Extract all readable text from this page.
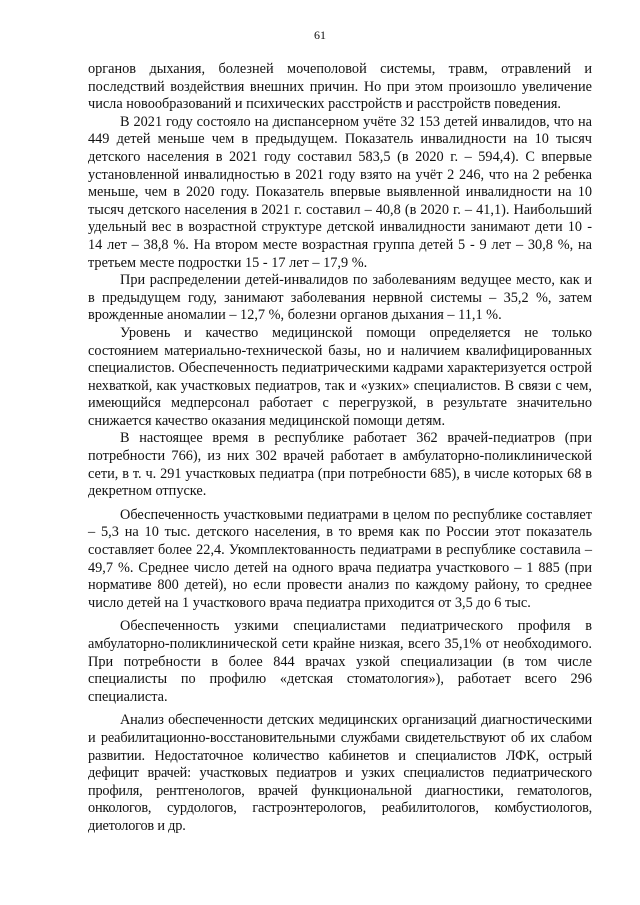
61

органов дыхания, болезней мочеполовой системы, травм, отравлений и последствий воздействия внешних причин. Но при этом произошло увеличение числа новообразований и психических расстройств и расстройств поведения.

В 2021 году состояло на диспансерном учёте 32 153 детей инвалидов, что на 449 детей меньше чем в предыдущем. Показатель инвалидности на 10 тысяч детского населения в 2021 году составил 583,5 (в 2020 г. – 594,4). С впервые установленной инвалидностью в 2021 году взято на учёт 2 246, что на 2 ребенка меньше, чем в 2020 году. Показатель впервые выявленной инвалидности на 10 тысяч детского населения в 2021 г. составил – 40,8 (в 2020 г. – 41,1). Наибольший удельный вес в возрастной структуре детской инвалидности занимают дети 10 - 14 лет – 38,8 %. На втором месте возрастная группа детей 5 - 9 лет – 30,8 %, на третьем месте подростки 15 - 17 лет – 17,9 %.

При распределении детей-инвалидов по заболеваниям ведущее место, как и в предыдущем году, занимают заболевания нервной системы – 35,2 %, затем врожденные аномалии – 12,7 %, болезни органов дыхания – 11,1 %.

Уровень и качество медицинской помощи определяется не только состоянием материально-технической базы, но и наличием квалифицированных специалистов. Обеспеченность педиатрическими кадрами характеризуется острой нехваткой, как участковых педиатров, так и «узких» специалистов. В связи с чем, имеющийся медперсонал работает с перегрузкой, в результате значительно снижается качество оказания медицинской помощи детям.

В настоящее время в республике работает 362 врачей-педиатров (при потребности 766), из них 302 врачей работает в амбулаторно-поликлинической сети, в т. ч. 291 участковых педиатра (при потребности 685), в числе которых 68 в декретном отпуске.

Обеспеченность участковыми педиатрами в целом по республике составляет – 5,3 на 10 тыс. детского населения, в то время как по России этот показатель составляет более 22,4. Укомплектованность педиатрами в республике составила – 49,7 %. Среднее число детей на одного врача педиатра участкового – 1 885 (при нормативе 800 детей), но если провести анализ по каждому району, то среднее число детей на 1 участкового врача педиатра приходится от 3,5 до 6 тыс.

Обеспеченность узкими специалистами педиатрического профиля в амбулаторно-поликлинической сети крайне низкая, всего 35,1% от необходимого. При потребности в более 844 врачах узкой специализации (в том числе специалисты по профилю «детская стоматология»), работает всего 296 специалиста.

Анализ обеспеченности детских медицинских организаций диагностическими и реабилитационно-восстановительными службами свидетельствуют об их слабом развитии. Недостаточное количество кабинетов и специалистов ЛФК, острый дефицит врачей: участковых педиатров и узких специалистов педиатрического профиля, рентгенологов, врачей функциональной диагностики, гематологов, онкологов, сурдологов, гастроэнтерологов, реабилитологов, комбустиологов, диетологов и др.
